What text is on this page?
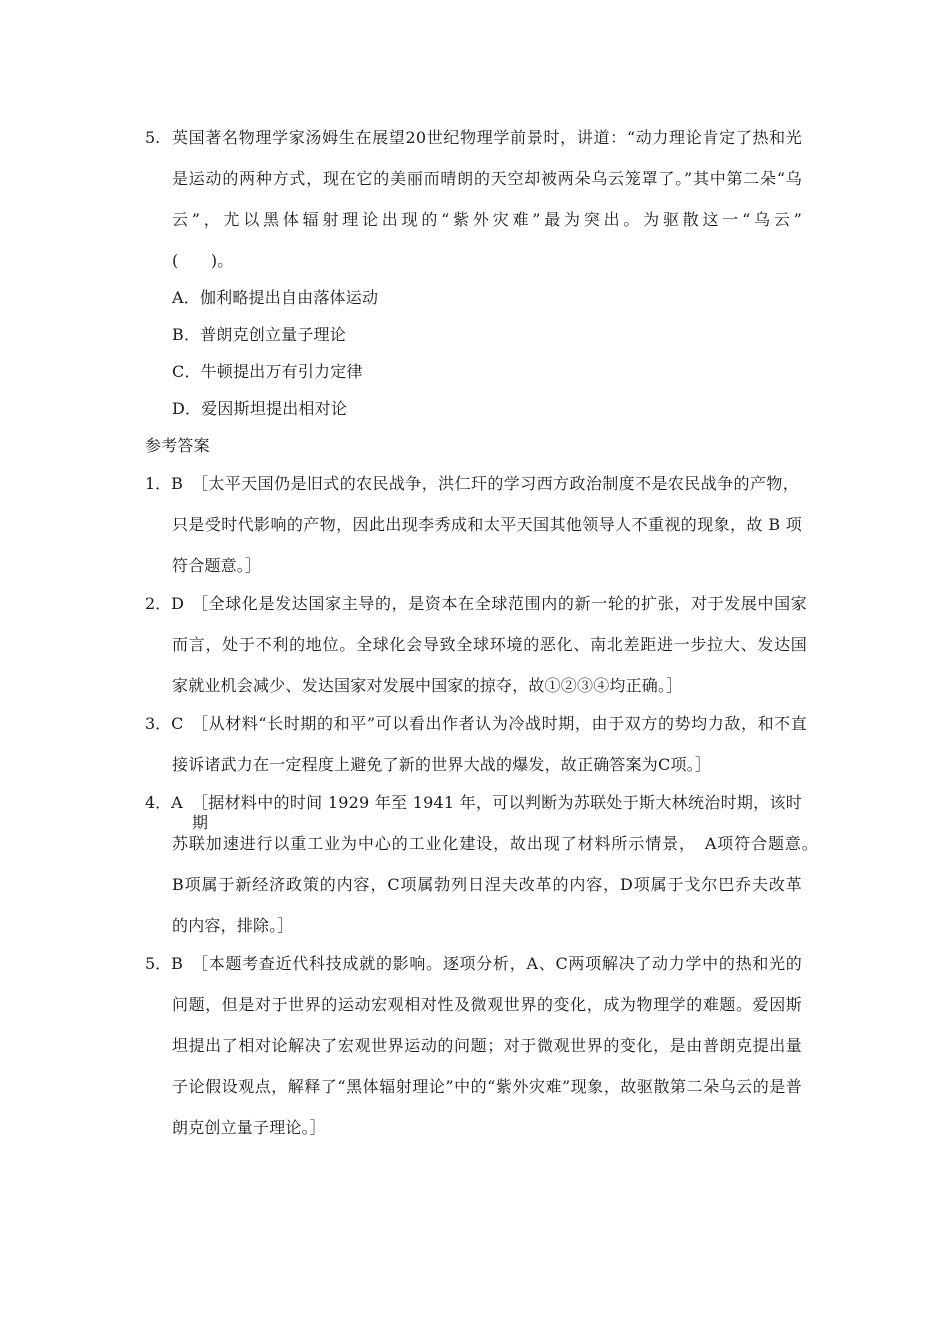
5. 英国著名物理学家汤姆生在展望20世纪物理学前景时，讲道：“动力理论肯定了热和光
是运动的两种方式，现在它的美丽而晴朗的天空却被两朵乌云笼罩了。”其中第二朵“乌
云”，尤以黑体辐射理论出现的“紫外灾难”最为突出。为驱散这一“乌云”
(　　)。
A．伽利略提出自由落体运动
B．普朗克创立量子理论
C．牛顿提出万有引力定律
D．爱因斯坦提出相对论
参考答案
1．B ［太平天国仍是旧式的农民战争，洪仁玕的学习西方政治制度不是农民战争的产物，
只是受时代影响的产物，因此出现李秀成和太平天国其他领导人不重视的现象，故 B 项
符合题意。］
2．D ［全球化是发达国家主导的，是资本在全球范围内的新一轮的扩张，对于发展中国家
而言，处于不利的地位。全球化会导致全球环境的恶化、南北差距进一步拉大、发达国
家就业机会减少、发达国家对发展中国家的掠夺，故①②③④均正确。］
3．C ［从材料“长时期的和平”可以看出作者认为冷战时期，由于双方的势均力敌，和不直
接诉诸武力在一定程度上避免了新的世界大战的爆发，故正确答案为C项。］
4．A ［据材料中的时间 1929 年至 1941 年，可以判断为苏联处于斯大林统治时期，该时期
苏联加速进行以重工业为中心的工业化建设，故出现了材料所示情景，　A项符合题意。
B项属于新经济政策的内容，C项属勃列日涅夫改革的内容，D项属于戈尔巴乔夫改革
的内容，排除。］
5．B ［本题考查近代科技成就的影响。逐项分析，A、C两项解决了动力学中的热和光的
问题，但是对于世界的运动宏观相对性及微观世界的变化，成为物理学的难题。爱因斯
坦提出了相对论解决了宏观世界运动的问题；对于微观世界的变化，是由普朗克提出量
子论假设观点，解释了“黑体辐射理论”中的“紫外灾难”现象，故驱散第二朵乌云的是普
朗克创立量子理论。］
